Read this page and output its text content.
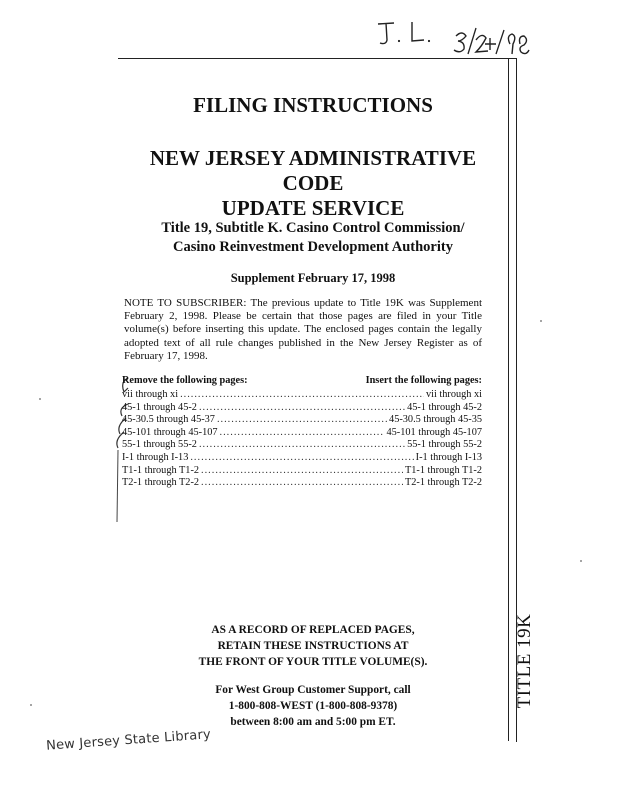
TITLE 19K
FILING INSTRUCTIONS
NEW JERSEY ADMINISTRATIVE CODE
UPDATE SERVICE
Title 19, Subtitle K. Casino Control Commission/
Casino Reinvestment Development Authority
Supplement February 17, 1998

NOTE TO SUBSCRIBER: The previous update to Title 19K was Supplement February 2, 1998. Please be certain that those pages are filed in your Title volume(s) before inserting this update. The enclosed pages contain the legally adopted text of all rule changes published in the New Jersey Register as of February 17, 1998.

Remove the following pages:	Insert the following pages:
vii through xi .....	vii through xi
45-1 through 45-2 .....	45-1 through 45-2
45-30.5 through 45-37 .....	45-30.5 through 45-35
45-101 through 45-107 .....	45-101 through 45-107
55-1 through 55-2 .....	55-1 through 55-2
I-1 through I-13 .....	I-1 through I-13
T1-1 through T1-2 .....	T1-1 through T1-2
T2-1 through T2-2 .....	T2-1 through T2-2
AS A RECORD OF REPLACED PAGES,
RETAIN THESE INSTRUCTIONS AT
THE FRONT OF YOUR TITLE VOLUME(S).
For West Group Customer Support, call
1-800-808-WEST (1-800-808-9378)
between 8:00 am and 5:00 pm ET.
New Jersey State Library
